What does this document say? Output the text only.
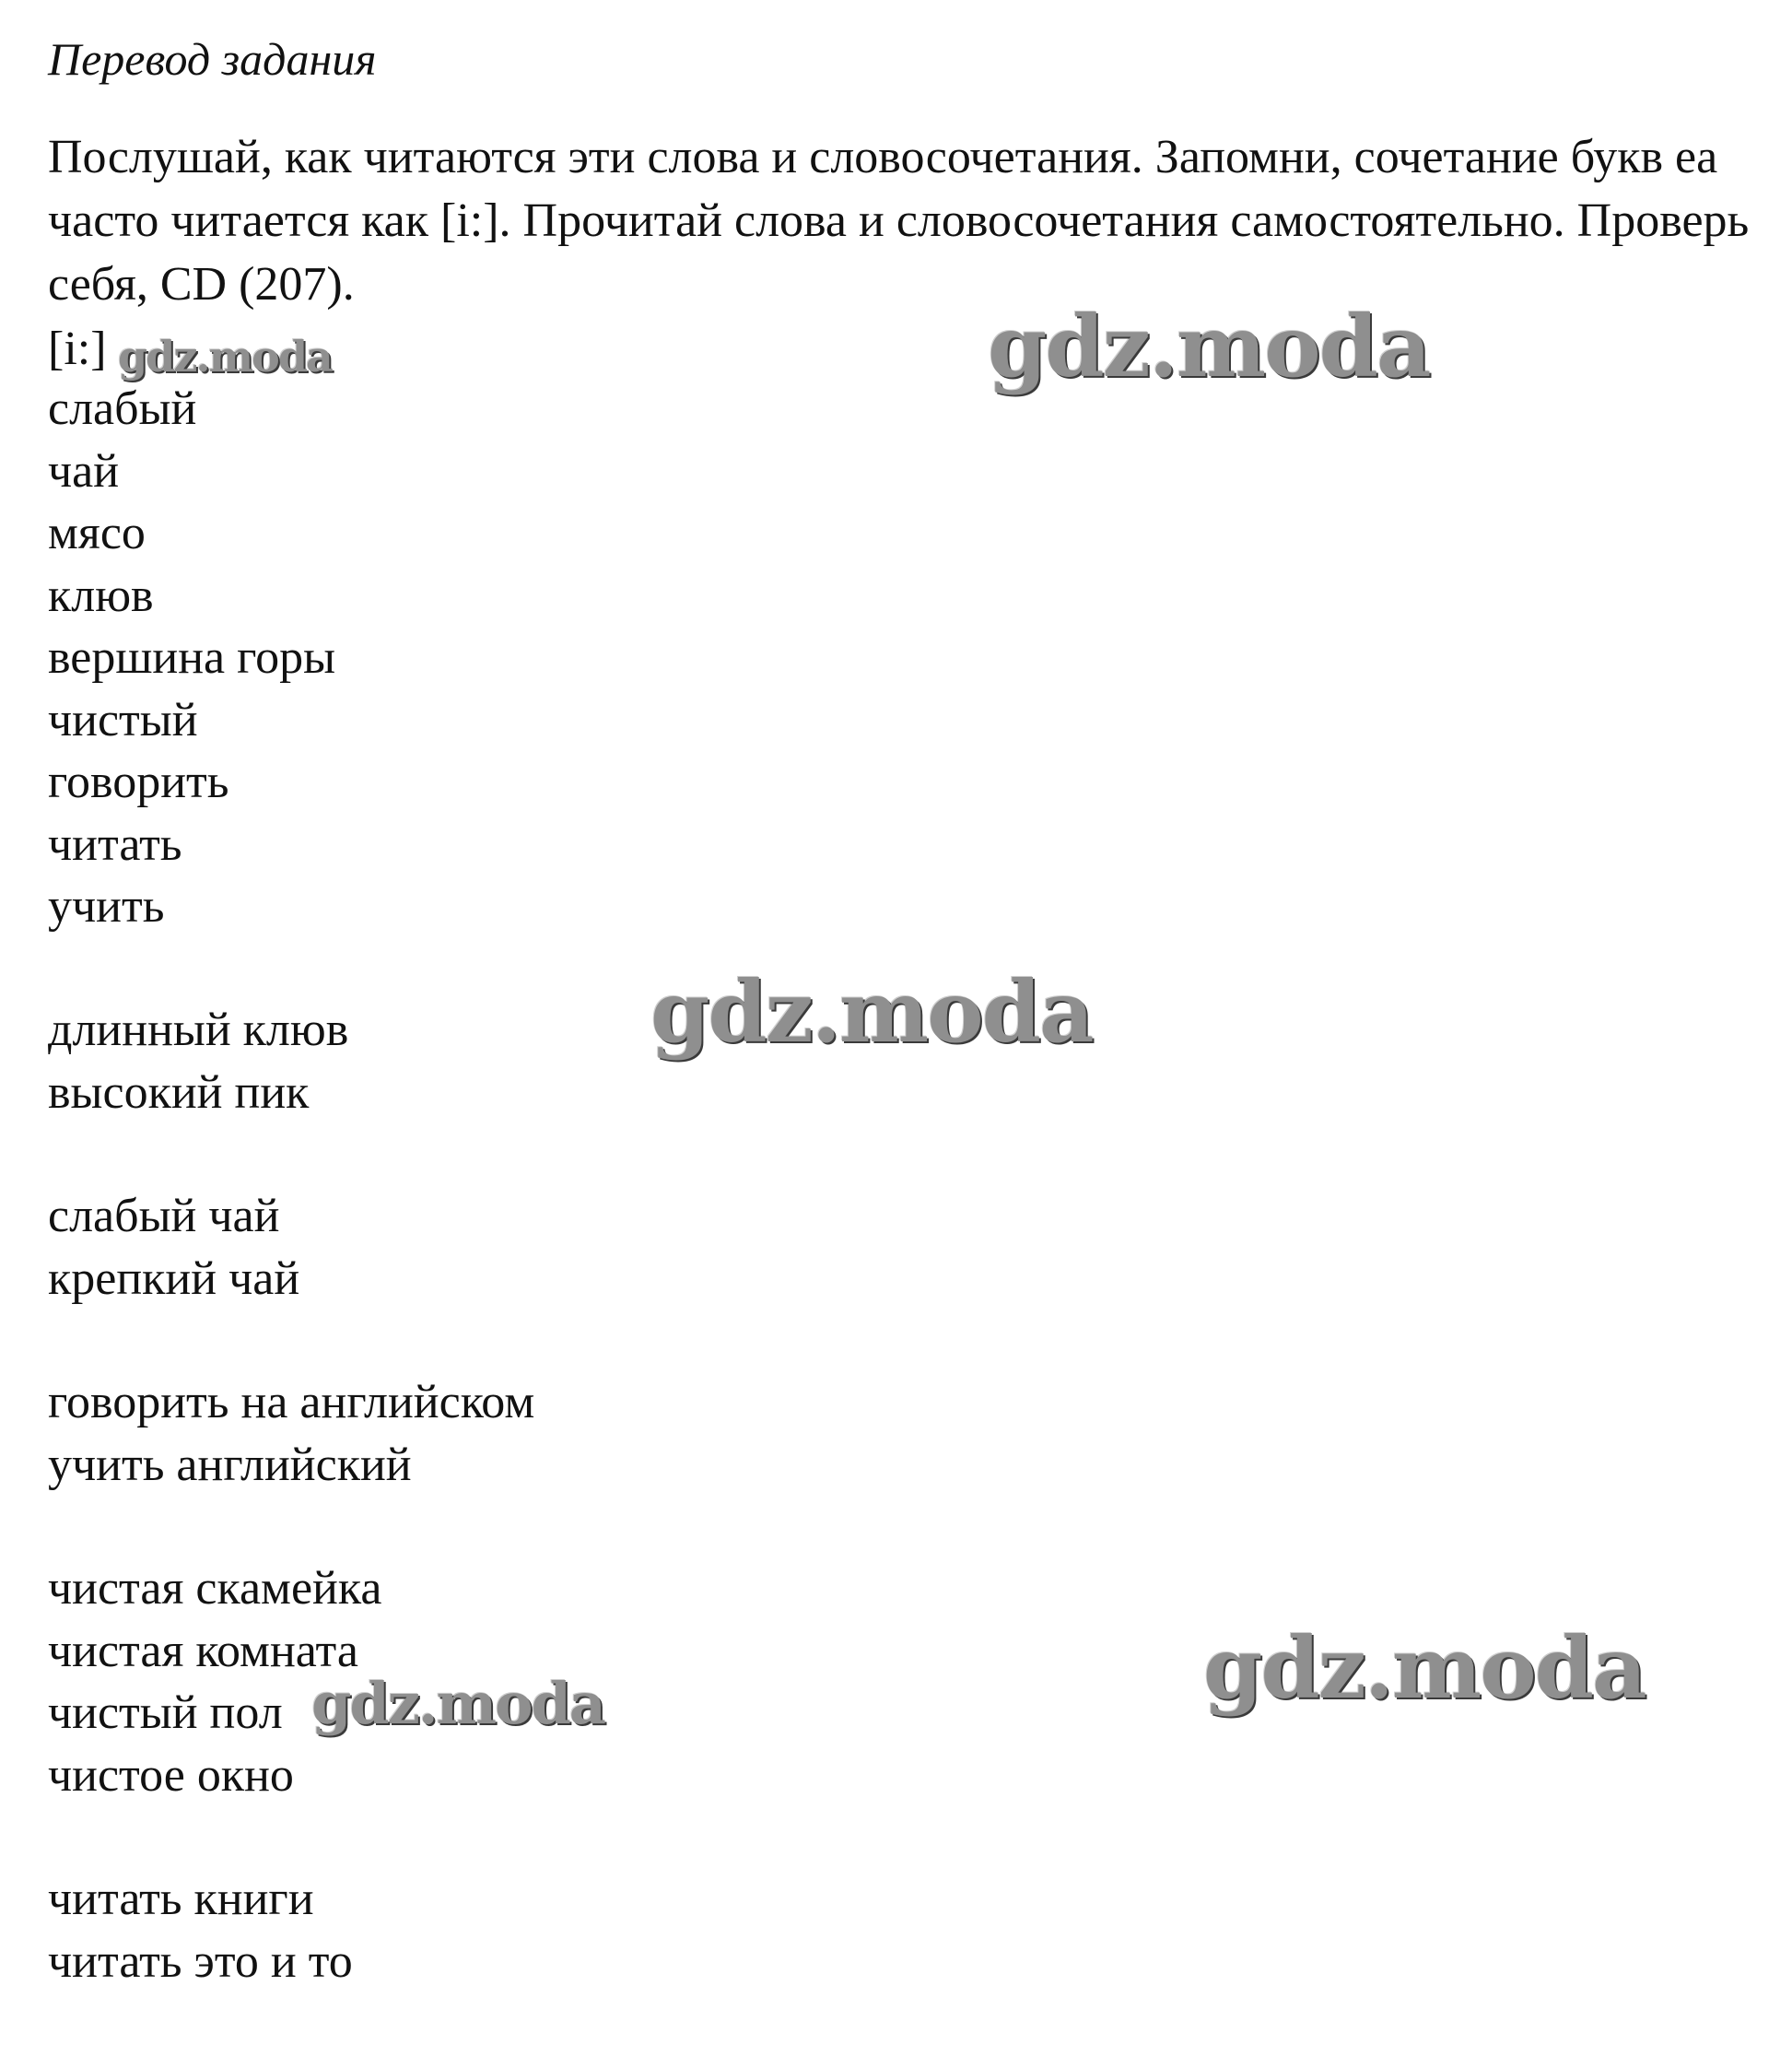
Перевод задания

Послушай, как читаются эти слова и словосочетания. Запомни, сочетание букв ea часто читается как [i:]. Прочитай слова и словосочетания самостоятельно. Проверь себя, CD (207).

[i:]

слабый
чай
мясо
клюв
вершина горы
чистый
говорить
читать
учить
длинный клюв
высокий пик
слабый чай
крепкий чай
говорить на английском
учить английский
чистая скамейка
чистая комната
чистый пол
чистое окно
читать книги
читать это и то
gdz.moda	gdz.moda
gdz.moda
gdz.moda	gdz.moda
